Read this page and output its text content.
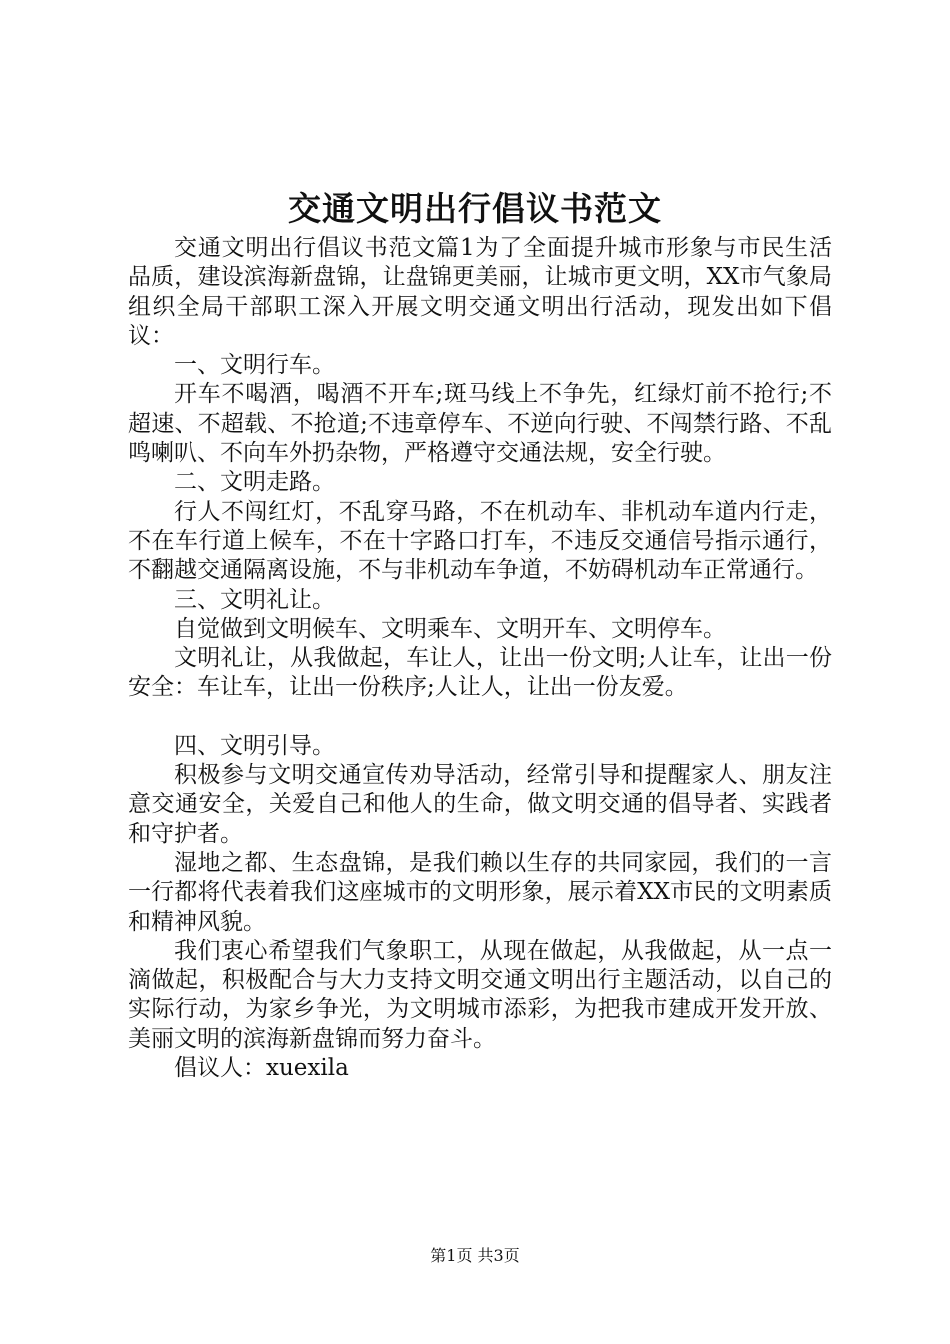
交通文明出行倡议书范文

交通文明出行倡议书范文篇1为了全面提升城市形象与市民生活品质，建设滨海新盘锦，让盘锦更美丽，让城市更文明，XX市气象局组织全局干部职工深入开展文明交通文明出行活动，现发出如下倡议：

一、文明行车。

开车不喝酒，喝酒不开车;斑马线上不争先，红绿灯前不抢行;不超速、不超载、不抢道;不违章停车、不逆向行驶、不闯禁行路、不乱鸣喇叭、不向车外扔杂物，严格遵守交通法规，安全行驶。

二、文明走路。

行人不闯红灯，不乱穿马路，不在机动车、非机动车道内行走，不在车行道上候车，不在十字路口打车，不违反交通信号指示通行，不翻越交通隔离设施，不与非机动车争道，不妨碍机动车正常通行。

三、文明礼让。

自觉做到文明候车、文明乘车、文明开车、文明停车。

文明礼让，从我做起，车让人，让出一份文明;人让车，让出一份安全：车让车，让出一份秩序;人让人，让出一份友爱。

四、文明引导。

积极参与文明交通宣传劝导活动，经常引导和提醒家人、朋友注意交通安全，关爱自己和他人的生命，做文明交通的倡导者、实践者和守护者。

湿地之都、生态盘锦，是我们赖以生存的共同家园，我们的一言一行都将代表着我们这座城市的文明形象，展示着XX市民的文明素质和精神风貌。

我们衷心希望我们气象职工，从现在做起，从我做起，从一点一滴做起，积极配合与大力支持文明交通文明出行主题活动，以自己的实际行动，为家乡争光，为文明城市添彩，为把我市建成开发开放、美丽文明的滨海新盘锦而努力奋斗。

倡议人：xuexila

第1页 共3页
